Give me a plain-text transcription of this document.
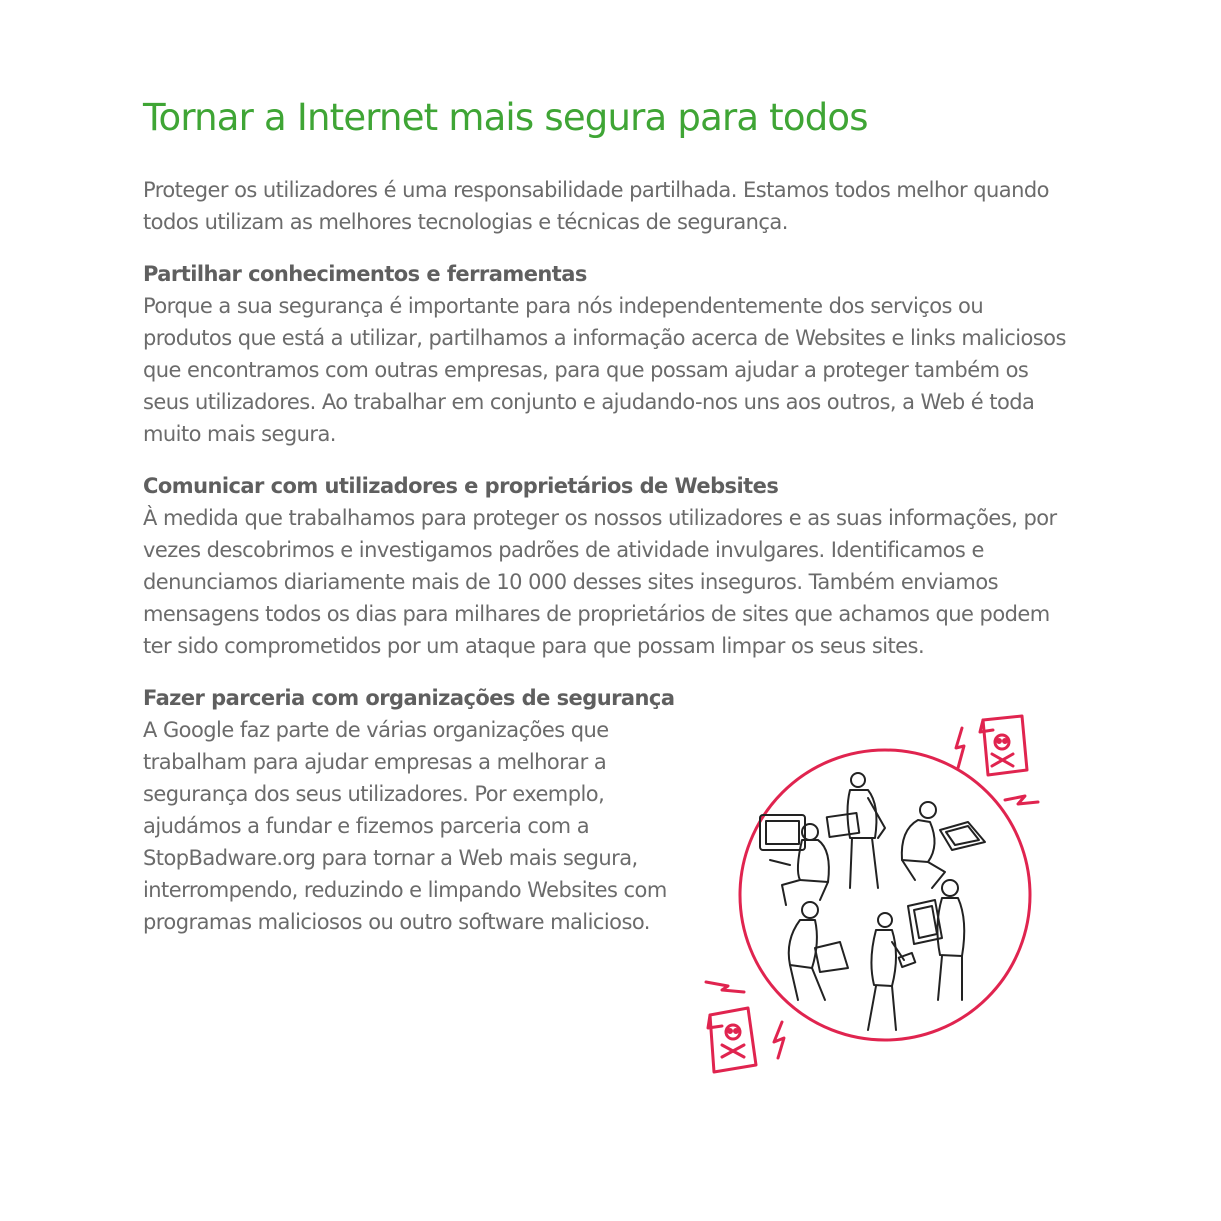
Tornar a Internet mais segura para todos

Proteger os utilizadores é uma responsabilidade partilhada. Estamos todos melhor quando todos utilizam as melhores tecnologias e técnicas de segurança.

Partilhar conhecimentos e ferramentas

Porque a sua segurança é importante para nós independentemente dos serviços ou produtos que está a utilizar, partilhamos a informação acerca de Websites e links maliciosos que encontramos com outras empresas, para que possam ajudar a proteger também os seus utilizadores. Ao trabalhar em conjunto e ajudando-nos uns aos outros, a Web é toda muito mais segura.

Comunicar com utilizadores e proprietários de Websites

À medida que trabalhamos para proteger os nossos utilizadores e as suas informações, por vezes descobrimos e investigamos padrões de atividade invulgares. Identificamos e denunciamos diariamente mais de 10 000 desses sites inseguros. Também enviamos mensagens todos os dias para milhares de proprietários de sites que achamos que podem ter sido comprometidos por um ataque para que possam limpar os seus sites.

Fazer parceria com organizações de segurança

A Google faz parte de várias organizações que trabalham para ajudar empresas a melhorar a segurança dos seus utilizadores. Por exemplo, ajudámos a fundar e fizemos parceria com a StopBadware.org para tornar a Web mais segura, interrompendo, reduzindo e limpando Websites com programas maliciosos ou outro software malicioso.
